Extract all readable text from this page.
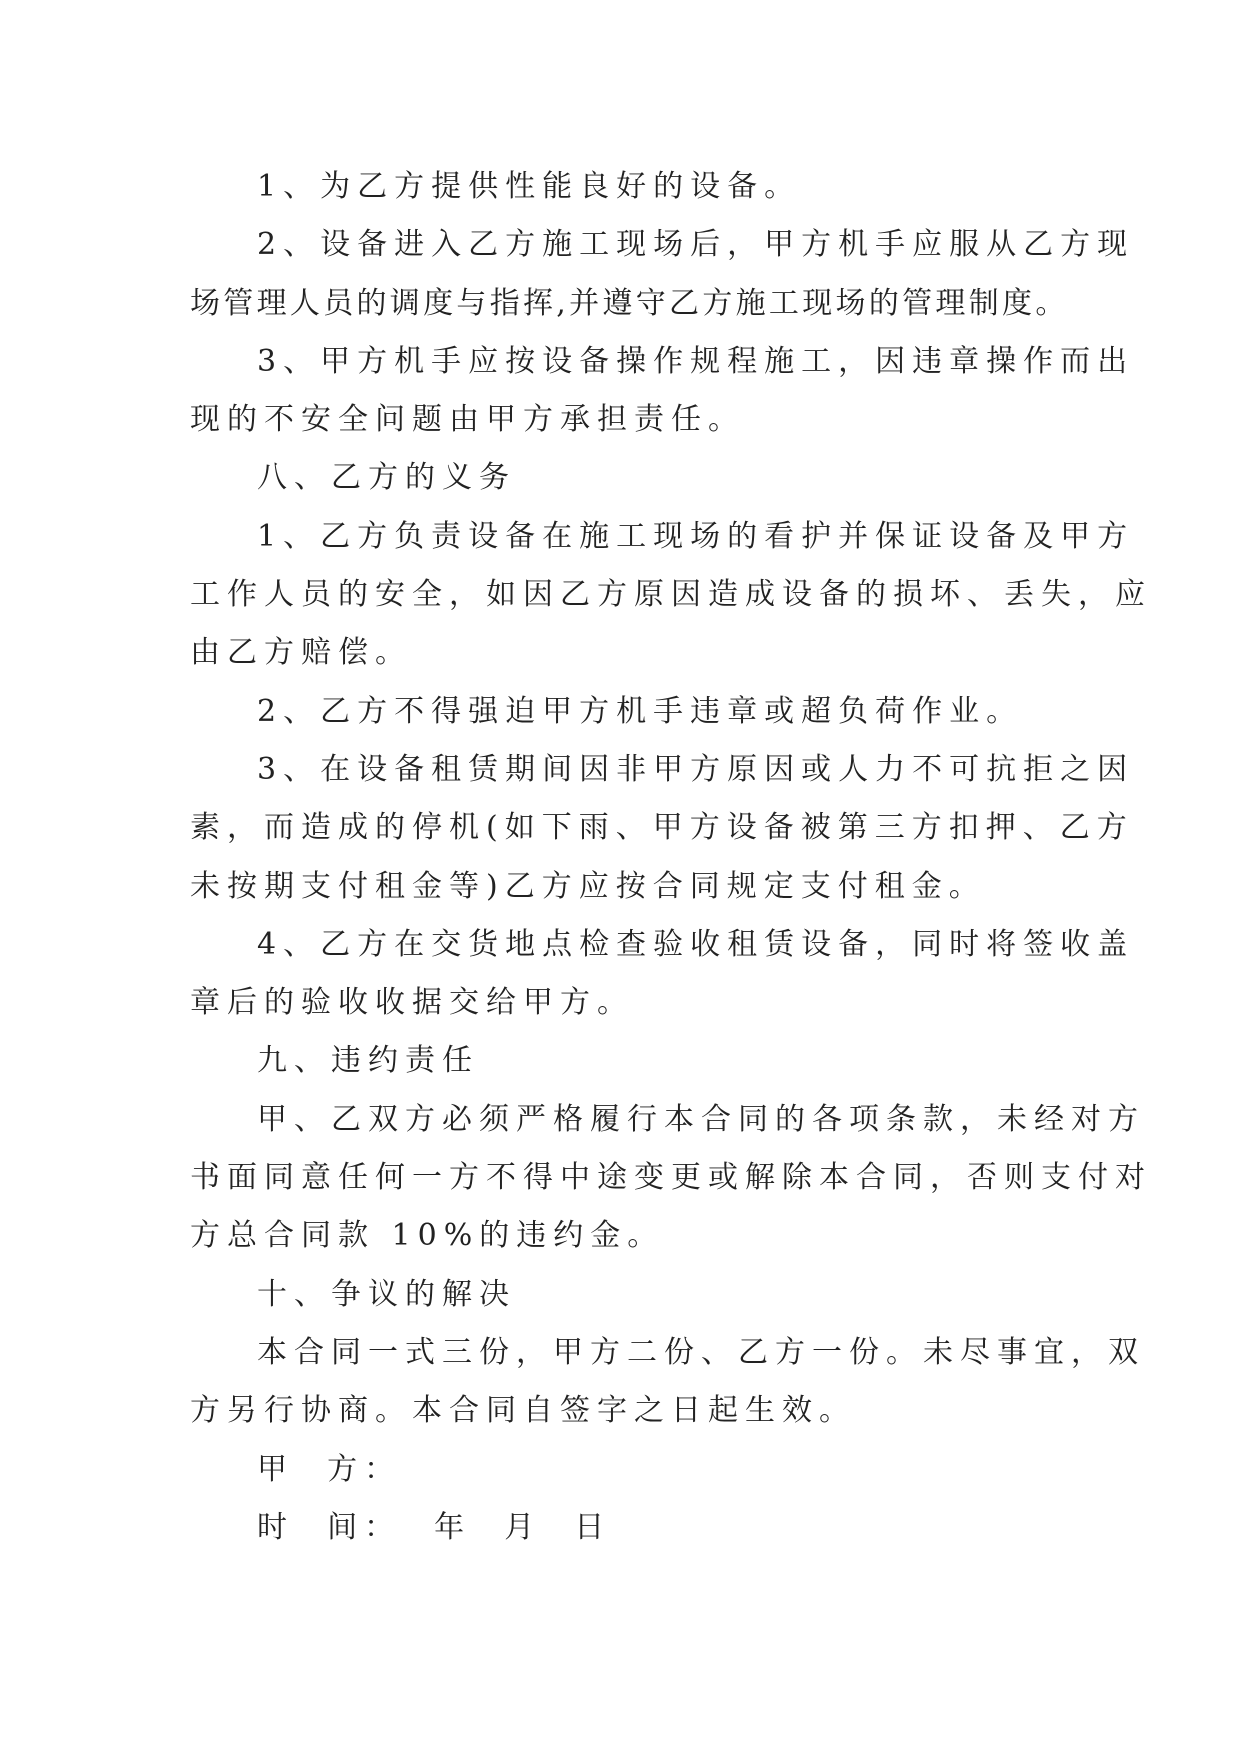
1、为乙方提供性能良好的设备。

2、设备进入乙方施工现场后，甲方机手应服从乙方现
场管理人员的调度与指挥,并遵守乙方施工现场的管理制度。

3、甲方机手应按设备操作规程施工，因违章操作而出
现的不安全问题由甲方承担责任。

八、乙方的义务

1、乙方负责设备在施工现场的看护并保证设备及甲方
工作人员的安全，如因乙方原因造成设备的损坏、丢失，应
由乙方赔偿。

2、乙方不得强迫甲方机手违章或超负荷作业。

3、在设备租赁期间因非甲方原因或人力不可抗拒之因
素，而造成的停机(如下雨、甲方设备被第三方扣押、乙方
未按期支付租金等)乙方应按合同规定支付租金。

4、乙方在交货地点检查验收租赁设备，同时将签收盖
章后的验收收据交给甲方。

九、违约责任

甲、乙双方必须严格履行本合同的各项条款，未经对方
书面同意任何一方不得中途变更或解除本合同，否则支付对
方总合同款 10%的违约金。

十、争议的解决

本合同一式三份，甲方二份、乙方一份。未尽事宜，双
方另行协商。本合同自签字之日起生效。

甲  方：

时  间：  年  月  日
